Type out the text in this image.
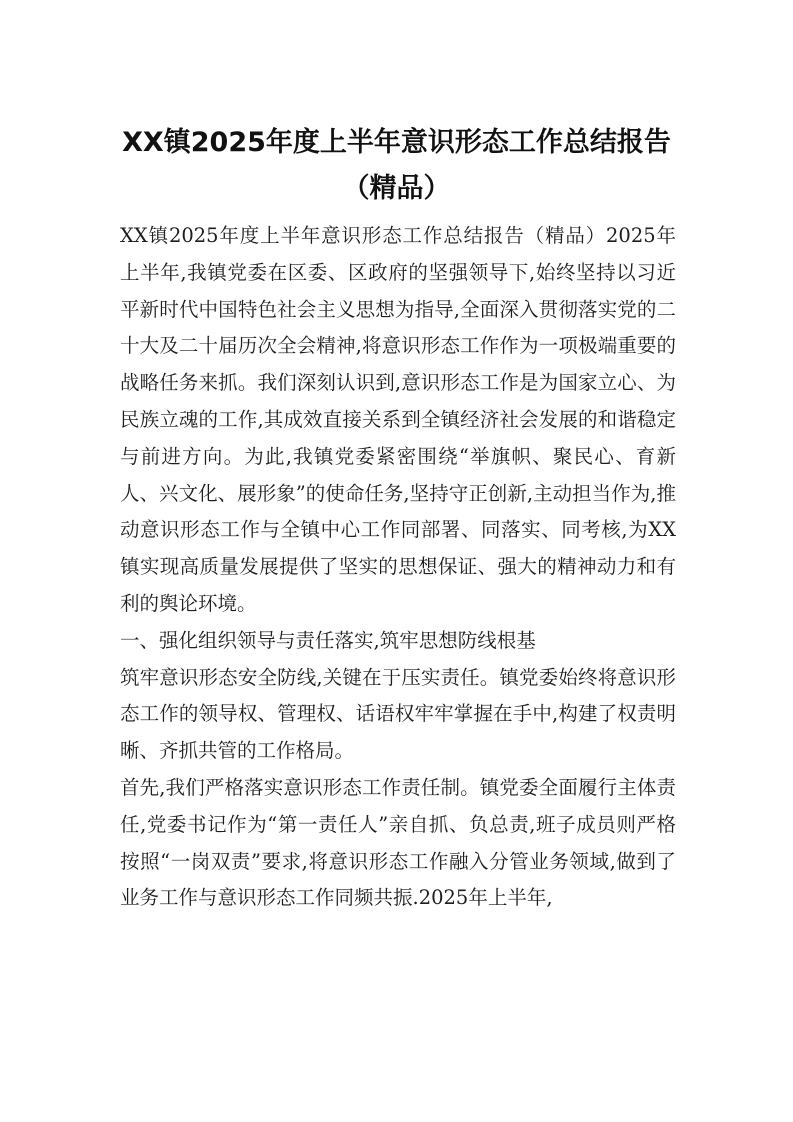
XX镇2025年度上半年意识形态工作总结报告（精品）

XX镇2025年度上半年意识形态工作总结报告（精品）2025年上半年,我镇党委在区委、区政府的坚强领导下,始终坚持以习近平新时代中国特色社会主义思想为指导,全面深入贯彻落实党的二十大及二十届历次全会精神,将意识形态工作作为一项极端重要的战略任务来抓。我们深刻认识到,意识形态工作是为国家立心、为民族立魂的工作,其成效直接关系到全镇经济社会发展的和谐稳定与前进方向。为此,我镇党委紧密围绕“举旗帜、聚民心、育新人、兴文化、展形象”的使命任务,坚持守正创新,主动担当作为,推动意识形态工作与全镇中心工作同部署、同落实、同考核,为XX镇实现高质量发展提供了坚实的思想保证、强大的精神动力和有利的舆论环境。

一、强化组织领导与责任落实,筑牢思想防线根基

筑牢意识形态安全防线,关键在于压实责任。镇党委始终将意识形态工作的领导权、管理权、话语权牢牢掌握在手中,构建了权责明晰、齐抓共管的工作格局。

首先,我们严格落实意识形态工作责任制。镇党委全面履行主体责任,党委书记作为“第一责任人”亲自抓、负总责,班子成员则严格按照“一岗双责”要求,将意识形态工作融入分管业务领域,做到了业务工作与意识形态工作同频共振.2025年上半年,
